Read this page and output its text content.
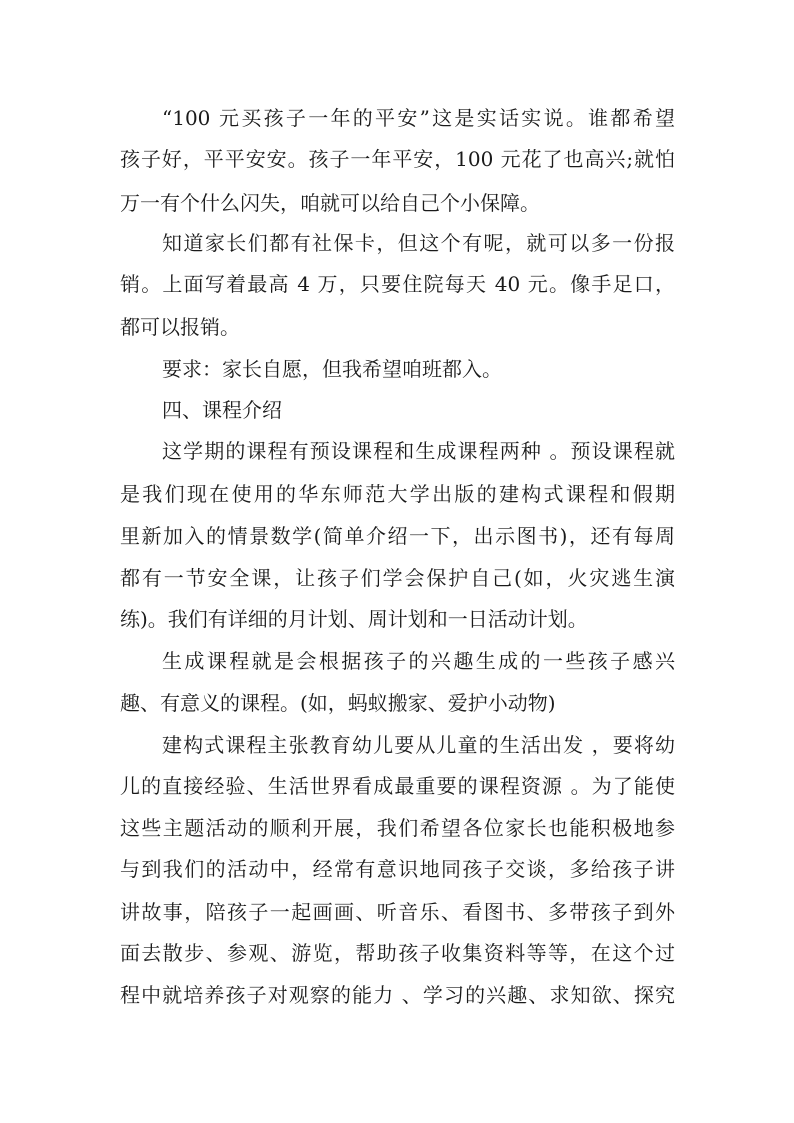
“100 元买孩子一年的平安”这是实话实说。谁都希望

孩子好，平平安安。孩子一年平安，100 元花了也高兴;就怕

万一有个什么闪失，咱就可以给自己个小保障。

知道家长们都有社保卡，但这个有呢，就可以多一份报

销。上面写着最高 4 万，只要住院每天 40 元。像手足口，

都可以报销。

要求：家长自愿，但我希望咱班都入。

四、课程介绍

这学期的课程有预设课程和生成课程两种 。预设课程就

是我们现在使用的华东师范大学出版的建构式课程和假期

里新加入的情景数学(简单介绍一下，出示图书)，还有每周

都有一节安全课，让孩子们学会保护自己(如，火灾逃生演

练)。我们有详细的月计划、周计划和一日活动计划。

生成课程就是会根据孩子的兴趣生成的一些孩子感兴

趣、有意义的课程。(如，蚂蚁搬家、爱护小动物)

建构式课程主张教育幼儿要从儿童的生活出发 ，要将幼

儿的直接经验、生活世界看成最重要的课程资源 。为了能使

这些主题活动的顺利开展，我们希望各位家长也能积极地参

与到我们的活动中，经常有意识地同孩子交谈，多给孩子讲

讲故事，陪孩子一起画画、听音乐、看图书、多带孩子到外

面去散步、参观、游览，帮助孩子收集资料等等，在这个过

程中就培养孩子对观察的能力 、学习的兴趣、求知欲、探究
